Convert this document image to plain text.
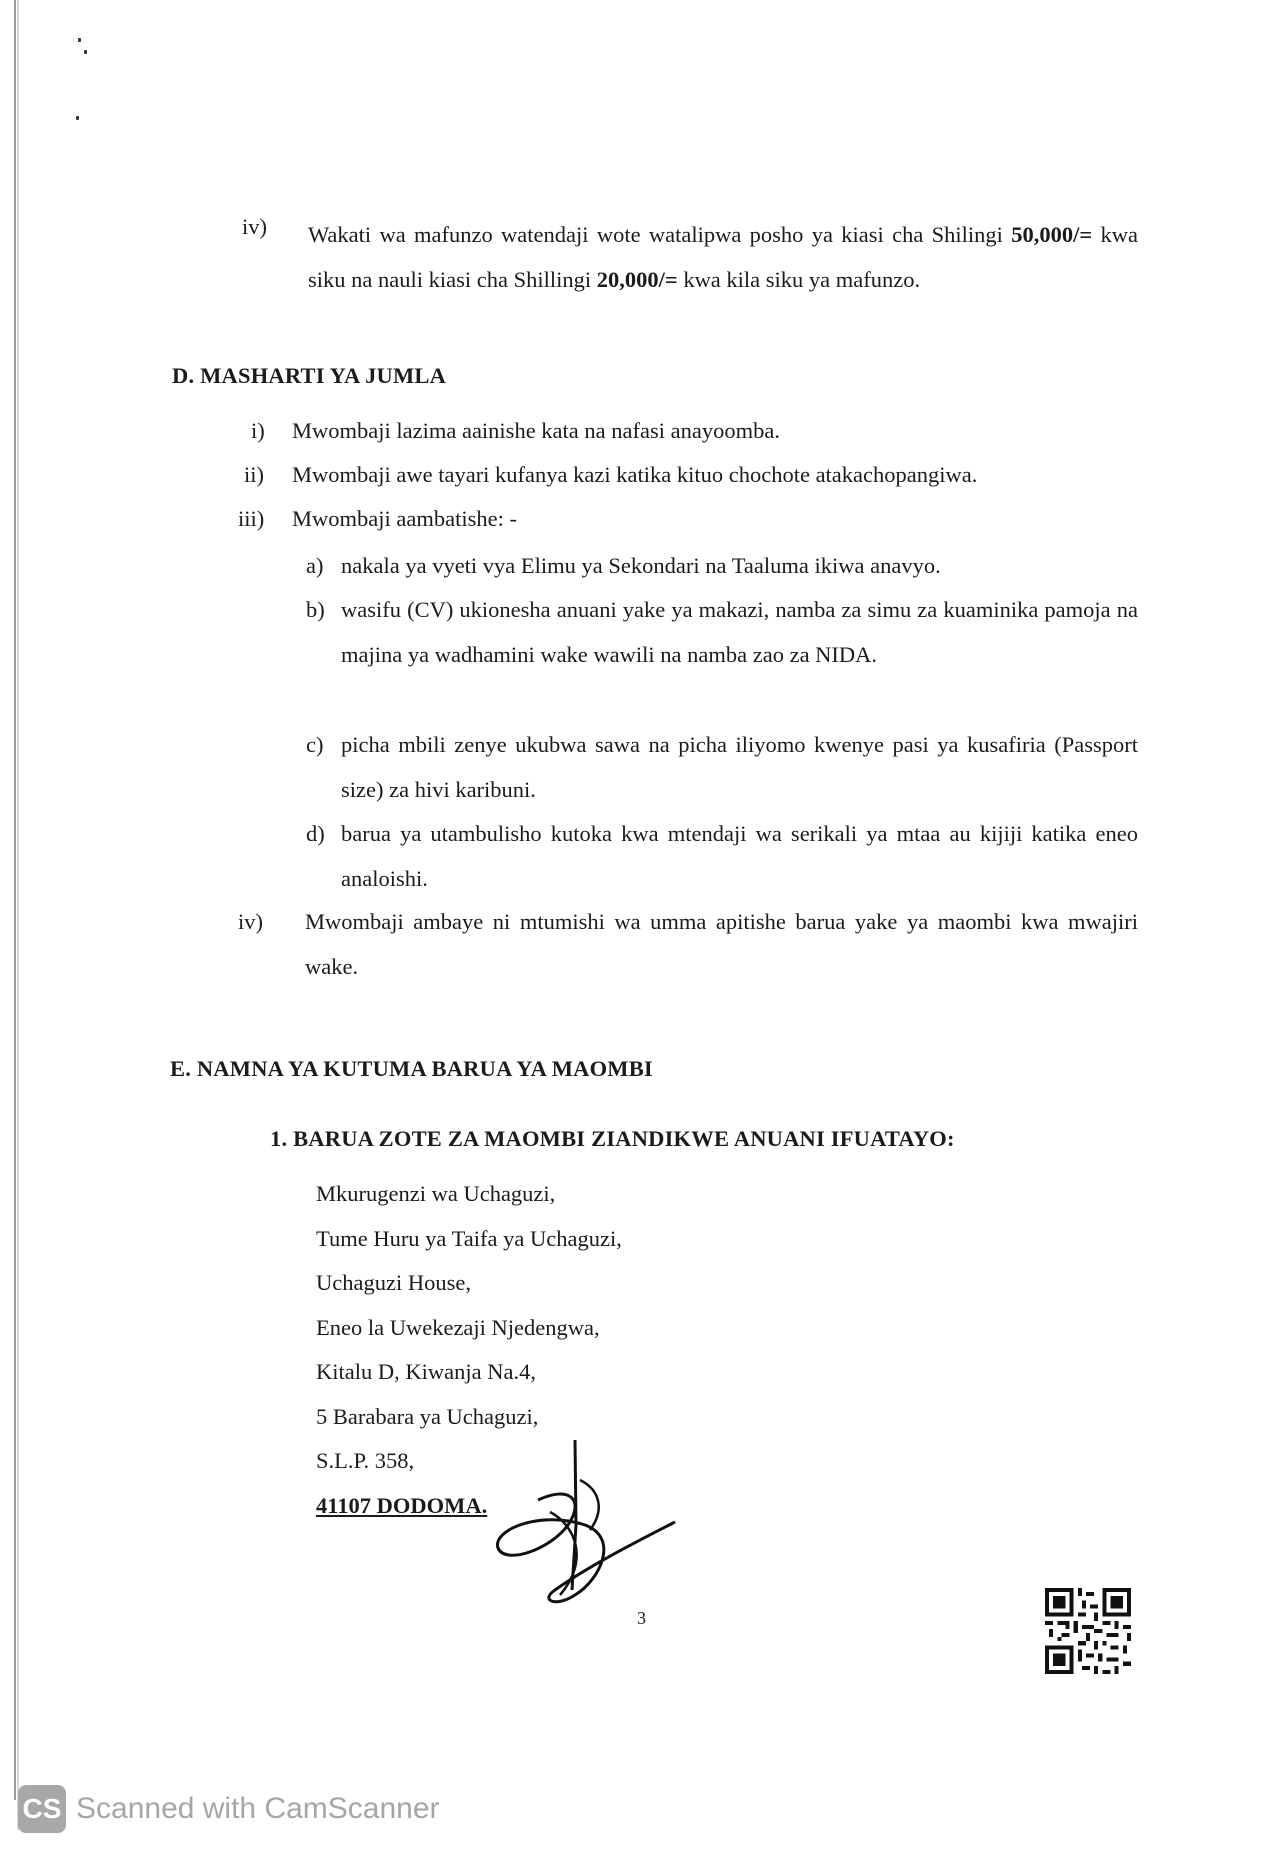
iv) Wakati wa mafunzo watendaji wote watalipwa posho ya kiasi cha Shilingi 50,000/= kwa siku na nauli kiasi cha Shillingi 20,000/= kwa kila siku ya mafunzo.
D. MASHARTI YA JUMLA
i) Mwombaji lazima aainishe kata na nafasi anayoomba.
ii) Mwombaji awe tayari kufanya kazi katika kituo chochote atakachopangiwa.
iii) Mwombaji aambatishe: -
a) nakala ya vyeti vya Elimu ya Sekondari na Taaluma ikiwa anavyo.
b) wasifu (CV) ukionesha anuani yake ya makazi, namba za simu za kuaminika pamoja na majina ya wadhamini wake wawili na namba zao za NIDA.
c) picha mbili zenye ukubwa sawa na picha iliyomo kwenye pasi ya kusafiria (Passport size) za hivi karibuni.
d) barua ya utambulisho kutoka kwa mtendaji wa serikali ya mtaa au kijiji katika eneo analoishi.
iv) Mwombaji ambaye ni mtumishi wa umma apitishe barua yake ya maombi kwa mwajiri wake.
E. NAMNA YA KUTUMA BARUA YA MAOMBI
1. BARUA ZOTE ZA MAOMBI ZIANDIKWE ANUANI IFUATAYO:
Mkurugenzi wa Uchaguzi,
Tume Huru ya Taifa ya Uchaguzi,
Uchaguzi House,
Eneo la Uwekezaji Njedengwa,
Kitalu D, Kiwanja Na.4,
5 Barabara ya Uchaguzi,
S.L.P. 358,
41107 DODOMA.
3
CS Scanned with CamScanner
